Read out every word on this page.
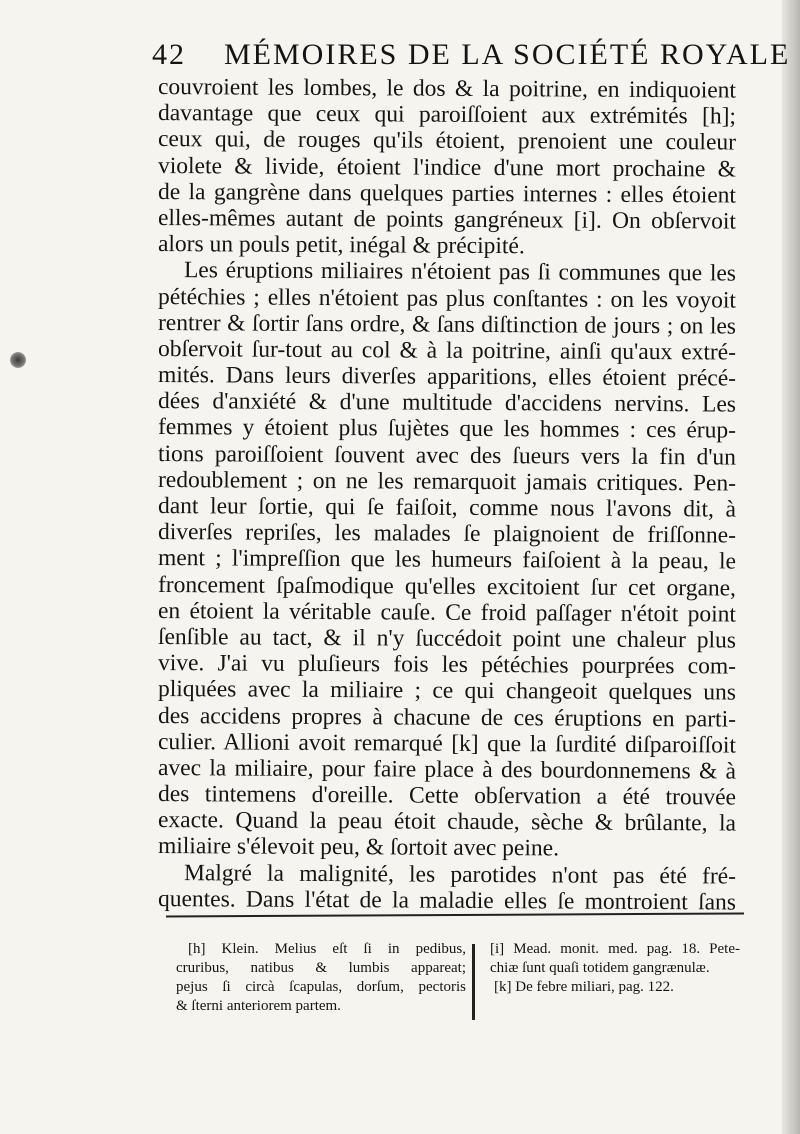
42 MÉMOIRES DE LA SOCIÉTÉ ROYALE
couvroient les lombes, le dos & la poitrine, en indiquoient
davantage que ceux qui paroiſſoient aux extrémités [h];
ceux qui, de rouges qu'ils étoient, prenoient une couleur
violete & livide, étoient l'indice d'une mort prochaine &
de la gangrène dans quelques parties internes : elles étoient
elles-mêmes autant de points gangréneux [i]. On obſervoit
alors un pouls petit, inégal & précipité.
Les éruptions miliaires n'étoient pas ſi communes que les
pétéchies ; elles n'étoient pas plus conſtantes : on les voyoit
rentrer & ſortir ſans ordre, & ſans diſtinction de jours ; on les
obſervoit ſur-tout au col & à la poitrine, ainſi qu'aux extré-
mités. Dans leurs diverſes apparitions, elles étoient précé-
dées d'anxiété & d'une multitude d'accidens nervins. Les
femmes y étoient plus ſujètes que les hommes : ces érup-
tions paroiſſoient ſouvent avec des ſueurs vers la fin d'un
redoublement ; on ne les remarquoit jamais critiques. Pen-
dant leur ſortie, qui ſe faiſoit, comme nous l'avons dit, à
diverſes repriſes, les malades ſe plaignoient de friſſonne-
ment ; l'impreſſion que les humeurs faiſoient à la peau, le
froncement ſpaſmodique qu'elles excitoient ſur cet organe,
en étoient la véritable cauſe. Ce froid paſſager n'étoit point
ſenſible au tact, & il n'y ſuccédoit point une chaleur plus
vive. J'ai vu pluſieurs fois les pétéchies pourprées com-
pliquées avec la miliaire ; ce qui changeoit quelques uns
des accidens propres à chacune de ces éruptions en parti-
culier. Allioni avoit remarqué [k] que la ſurdité diſparoiſſoit
avec la miliaire, pour faire place à des bourdonnemens & à
des tintemens d'oreille. Cette obſervation a été trouvée
exacte. Quand la peau étoit chaude, sèche & brûlante, la
miliaire s'élevoit peu, & ſortoit avec peine.
Malgré la malignité, les parotides n'ont pas été fré-
quentes. Dans l'état de la maladie elles ſe montroient ſans
[h] Klein. Melius eſt ſi in pedibus,
cruribus, natibus & lumbis appareat;
pejus ſi circà ſcapulas, dorſum, pectoris
& ſterni anteriorem partem.
[i] Mead. monit. med. pag. 18. Pete-
chiæ ſunt quaſi totidem gangrænulæ.
[k] De febre miliari, pag. 122.
